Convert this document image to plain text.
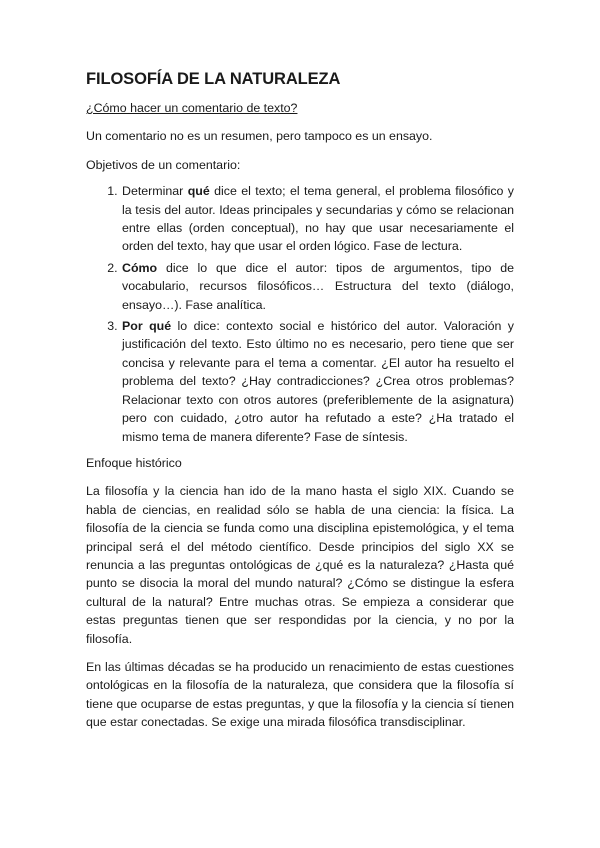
FILOSOFÍA DE LA NATURALEZA

¿Cómo hacer un comentario de texto?

Un comentario no es un resumen, pero tampoco es un ensayo.

Objetivos de un comentario:

1. Determinar qué dice el texto; el tema general, el problema filosófico y la tesis del autor. Ideas principales y secundarias y cómo se relacionan entre ellas (orden conceptual), no hay que usar necesariamente el orden del texto, hay que usar el orden lógico. Fase de lectura.
2. Cómo dice lo que dice el autor: tipos de argumentos, tipo de vocabulario, recursos filosóficos… Estructura del texto (diálogo, ensayo…). Fase analítica.
3. Por qué lo dice: contexto social e histórico del autor. Valoración y justificación del texto. Esto último no es necesario, pero tiene que ser concisa y relevante para el tema a comentar. ¿El autor ha resuelto el problema del texto? ¿Hay contradicciones? ¿Crea otros problemas? Relacionar texto con otros autores (preferiblemente de la asignatura) pero con cuidado, ¿otro autor ha refutado a este? ¿Ha tratado el mismo tema de manera diferente? Fase de síntesis.

Enfoque histórico

La filosofía y la ciencia han ido de la mano hasta el siglo XIX. Cuando se habla de ciencias, en realidad sólo se habla de una ciencia: la física. La filosofía de la ciencia se funda como una disciplina epistemológica, y el tema principal será el del método científico. Desde principios del siglo XX se renuncia a las preguntas ontológicas de ¿qué es la naturaleza? ¿Hasta qué punto se disocia la moral del mundo natural? ¿Cómo se distingue la esfera cultural de la natural? Entre muchas otras. Se empieza a considerar que estas preguntas tienen que ser respondidas por la ciencia, y no por la filosofía.

En las últimas décadas se ha producido un renacimiento de estas cuestiones ontológicas en la filosofía de la naturaleza, que considera que la filosofía sí tiene que ocuparse de estas preguntas, y que la filosofía y la ciencia sí tienen que estar conectadas. Se exige una mirada filosófica transdisciplinar.
